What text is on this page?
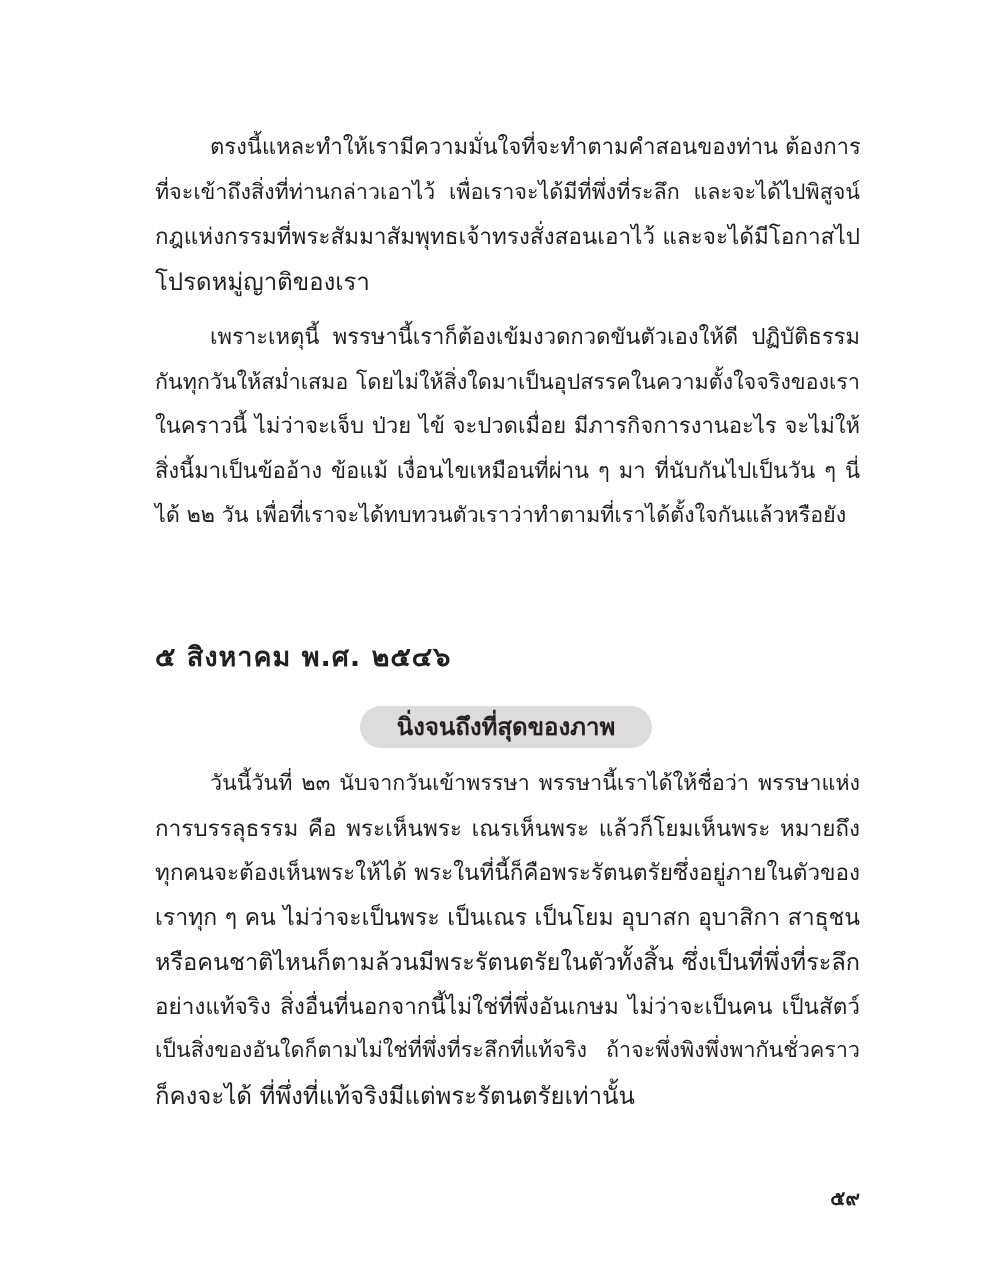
ตรงนี้แหละทำให้เรามีความมั่นใจที่จะทำตามคำสอนของท่าน ต้องการ
ที่จะเข้าถึงสิ่งที่ท่านกล่าวเอาไว้ เพื่อเราจะได้มีที่พึ่งที่ระลึก และจะได้ไปพิสูจน์
กฎแห่งกรรมที่พระสัมมาสัมพุทธเจ้าทรงสั่งสอนเอาไว้ และจะได้มีโอกาสไป
โปรดหมู่ญาติของเรา
เพราะเหตุนี้ พรรษานี้เราก็ต้องเข้มงวดกวดขันตัวเองให้ดี ปฏิบัติธรรม
กันทุกวันให้สม่ำเสมอ โดยไม่ให้สิ่งใดมาเป็นอุปสรรคในความตั้งใจจริงของเรา
ในคราวนี้ ไม่ว่าจะเจ็บ ป่วย ไข้ จะปวดเมื่อย มีภารกิจการงานอะไร จะไม่ให้
สิ่งนี้มาเป็นข้ออ้าง ข้อแม้ เงื่อนไขเหมือนที่ผ่าน ๆ มา ที่นับกันไปเป็นวัน ๆ นี่
ได้ ๒๒ วัน เพื่อที่เราจะได้ทบทวนตัวเราว่าทำตามที่เราได้ตั้งใจกันแล้วหรือยัง
๕ สิงหาคม พ.ศ. ๒๕๔๖
นิ่งจนถึงที่สุดของภาพ
วันนี้วันที่ ๒๓ นับจากวันเข้าพรรษา พรรษานี้เราได้ให้ชื่อว่า พรรษาแห่ง
การบรรลุธรรม คือ พระเห็นพระ เณรเห็นพระ แล้วก็โยมเห็นพระ หมายถึง
ทุกคนจะต้องเห็นพระให้ได้ พระในที่นี้ก็คือพระรัตนตรัยซึ่งอยู่ภายในตัวของ
เราทุก ๆ คน ไม่ว่าจะเป็นพระ เป็นเณร เป็นโยม อุบาสก อุบาสิกา สาธุชน
หรือคนชาติไหนก็ตามล้วนมีพระรัตนตรัยในตัวทั้งสิ้น ซึ่งเป็นที่พึ่งที่ระลึก
อย่างแท้จริง สิ่งอื่นที่นอกจากนี้ไม่ใช่ที่พึ่งอันเกษม ไม่ว่าจะเป็นคน เป็นสัตว์
เป็นสิ่งของอันใดก็ตามไม่ใช่ที่พึ่งที่ระลึกที่แท้จริง ถ้าจะพึ่งพิงพึ่งพากันชั่วคราว
ก็คงจะได้ ที่พึ่งที่แท้จริงมีแต่พระรัตนตรัยเท่านั้น
๕๙
